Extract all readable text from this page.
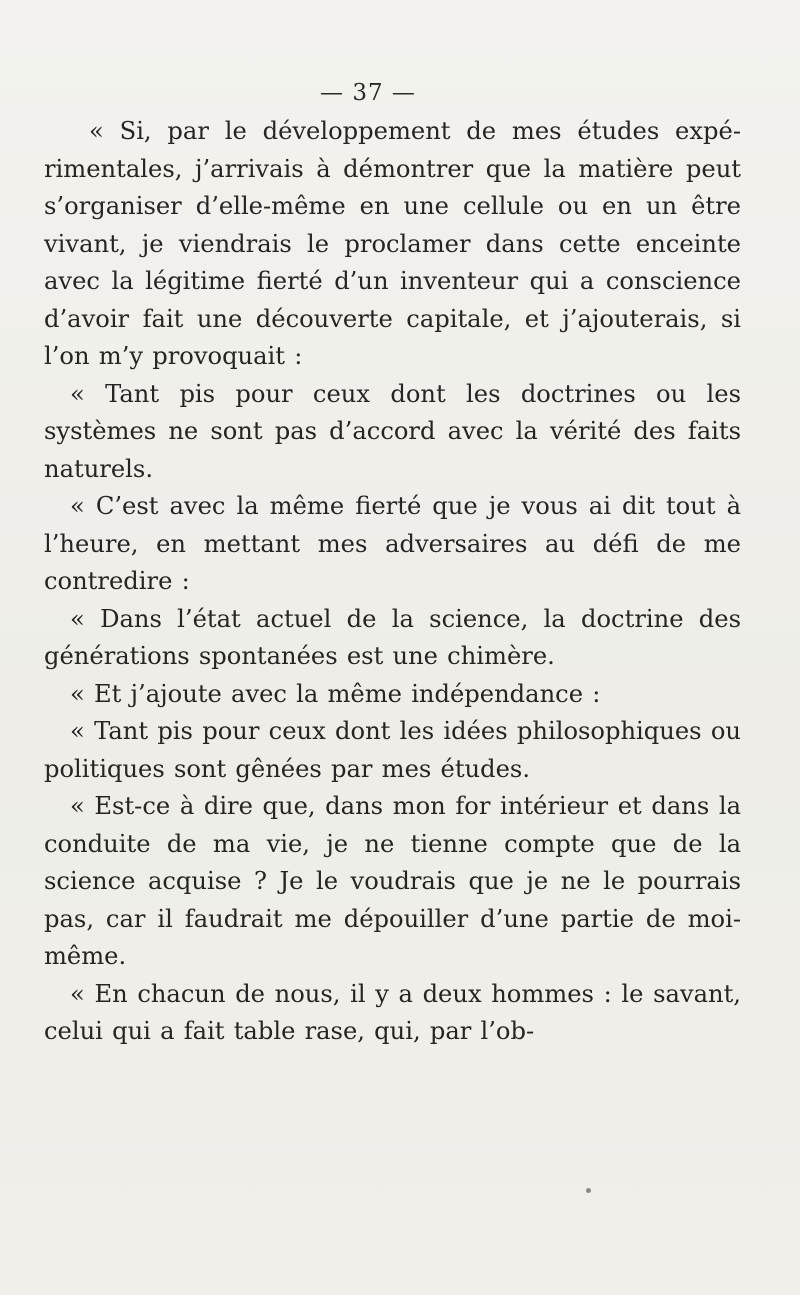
— 37 —

« Si, par le développement de mes études expérimentales, j’arrivais à démontrer que la matière peut s’organiser d’elle-même en une cellule ou en un être vivant, je viendrais le proclamer dans cette enceinte avec la légitime fierté d’un inventeur qui a conscience d’avoir fait une découverte capitale, et j’ajouterais, si l’on m’y provoquait :

« Tant pis pour ceux dont les doctrines ou les systèmes ne sont pas d’accord avec la vérité des faits naturels.

« C’est avec la même fierté que je vous ai dit tout à l’heure, en mettant mes adversaires au défi de me contredire :

« Dans l’état actuel de la science, la doctrine des générations spontanées est une chimère.

« Et j’ajoute avec la même indépendance :

« Tant pis pour ceux dont les idées philosophiques ou politiques sont gênées par mes études.

« Est-ce à dire que, dans mon for intérieur et dans la conduite de ma vie, je ne tienne compte que de la science acquise ? Je le voudrais que je ne le pourrais pas, car il faudrait me dépouiller d’une partie de moi-même.

« En chacun de nous, il y a deux hommes : le savant, celui qui a fait table rase, qui, par l’ob-
